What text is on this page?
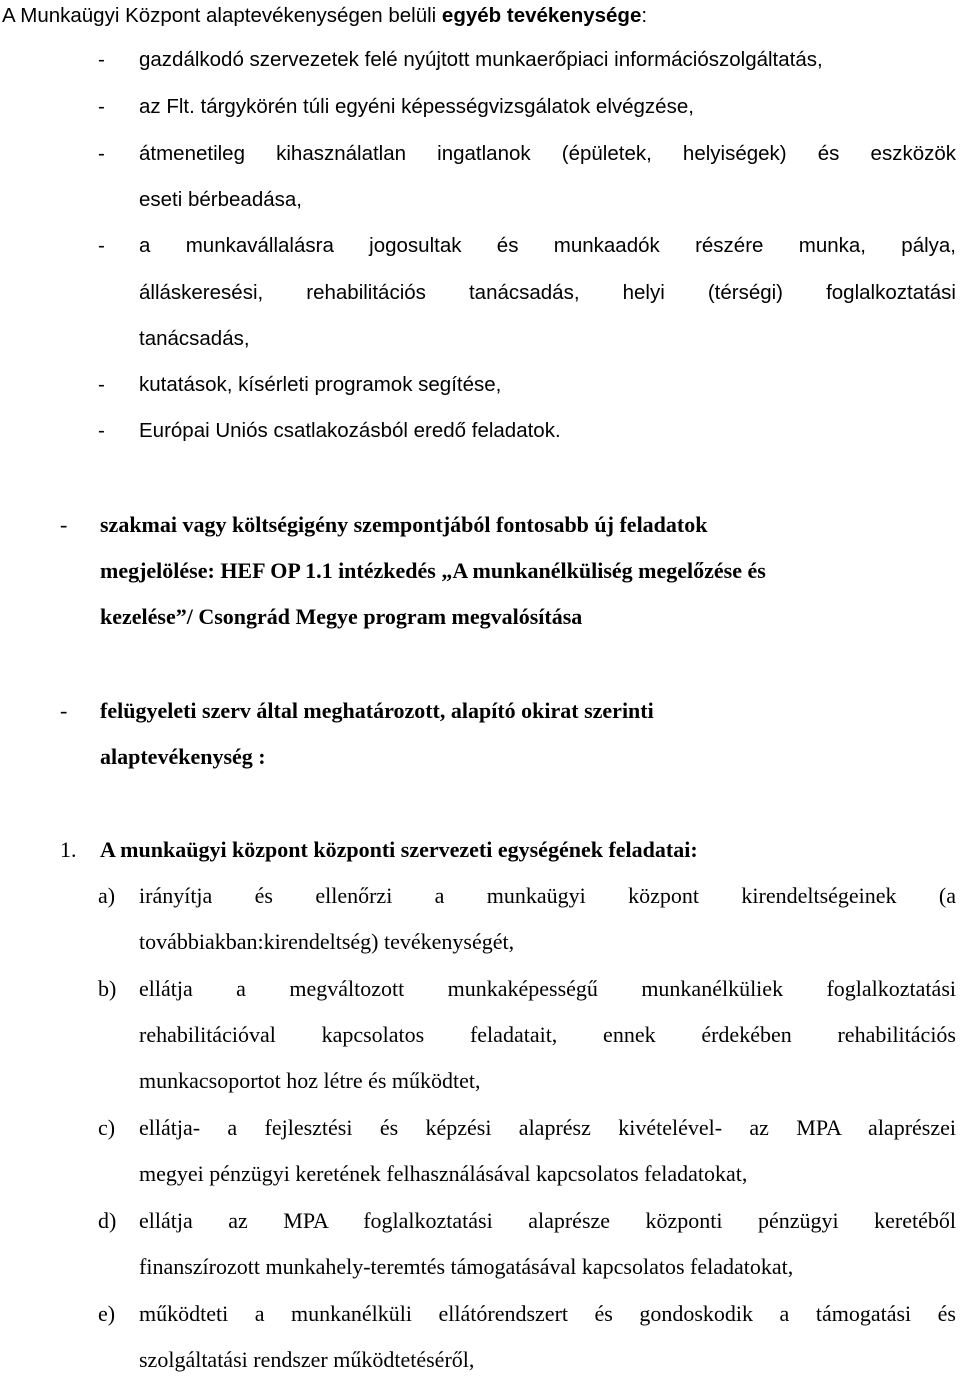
A Munkaügyi Központ alaptevékenységen belüli egyéb tevékenysége:
- gazdálkodó szervezetek felé nyújtott munkaerőpiaci információszolgáltatás,
- az Flt. tárgykörén túli egyéni képességvizsgálatok elvégzése,
- átmenetileg kihasználatlan ingatlanok (épületek, helyiségek) és eszközök
eseti bérbeadása,
- a munkavállalásra jogosultak és munkaadók részére munka, pálya,
álláskeresési, rehabilitációs tanácsadás, helyi (térségi) foglalkoztatási
tanácsadás,
- kutatások, kísérleti programok segítése,
- Európai Uniós csatlakozásból eredő feladatok.
- szakmai vagy költségigény szempontjából fontosabb új feladatok
megjelölése: HEF OP 1.1 intézkedés „A munkanélküliség megelőzése és
kezelése”/ Csongrád Megye program megvalósítása
- felügyeleti szerv által meghatározott, alapító okirat szerinti
alaptevékenység :
1. A munkaügyi központ központi szervezeti egységének feladatai:
a) irányítja és ellenőrzi a munkaügyi központ kirendeltségeinek (a
továbbiakban:kirendeltség) tevékenységét,
b) ellátja a megváltozott munkaképességű munkanélküliek foglalkoztatási
rehabilitációval kapcsolatos feladatait, ennek érdekében rehabilitációs
munkacsoportot hoz létre és működtet,
c) ellátja- a fejlesztési és képzési alaprész kivételével- az MPA alaprészei
megyei pénzügyi keretének felhasználásával kapcsolatos feladatokat,
d) ellátja az MPA foglalkoztatási alaprésze központi pénzügyi keretéből
finanszírozott munkahely-teremtés támogatásával kapcsolatos feladatokat,
e) működteti a munkanélküli ellátórendszert és gondoskodik a támogatási és
szolgáltatási rendszer működtetéséről,
